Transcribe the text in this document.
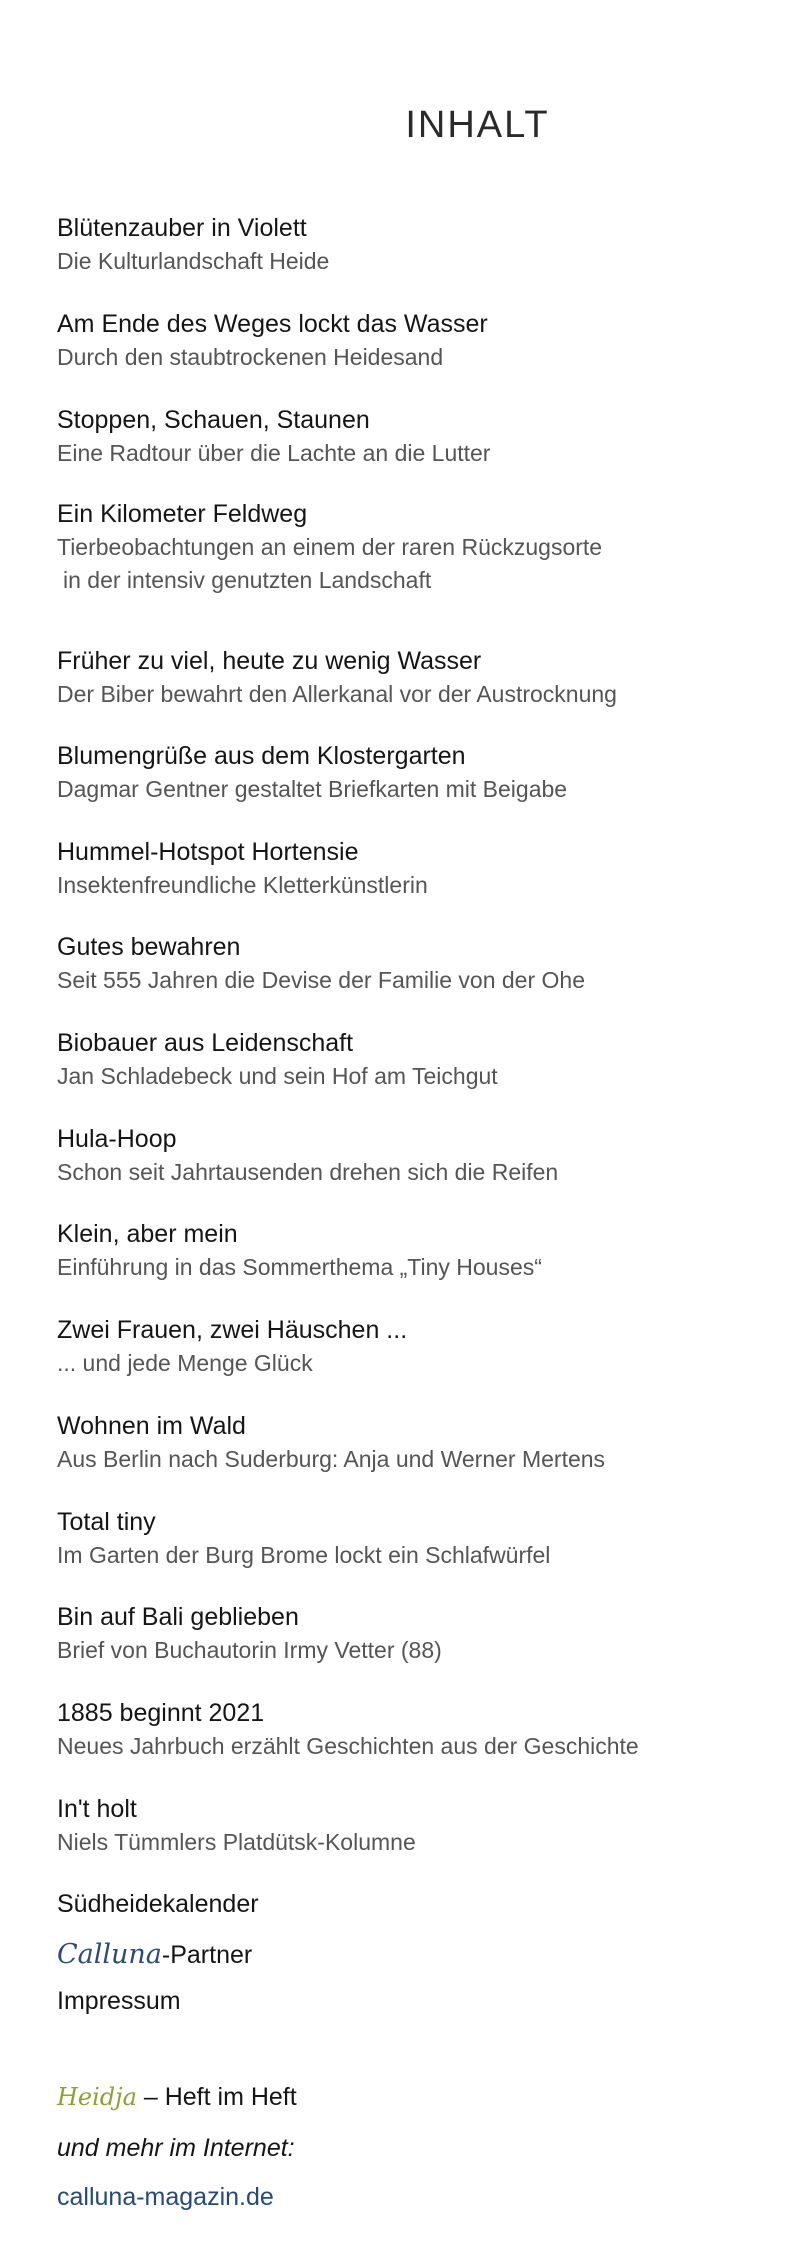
INHALT
Blütenzauber in Violett
Die Kulturlandschaft Heide
Am Ende des Weges lockt das Wasser
Durch den staubtrockenen Heidesand
Stoppen, Schauen, Staunen
Eine Radtour über die Lachte an die Lutter
Ein Kilometer Feldweg
Tierbeobachtungen an einem der raren Rückzugsorte
in der intensiv genutzten Landschaft
Früher zu viel, heute zu wenig Wasser
Der Biber bewahrt den Allerkanal vor der Austrocknung
Blumengrüße aus dem Klostergarten
Dagmar Gentner gestaltet Briefkarten mit Beigabe
Hummel-Hotspot Hortensie
Insektenfreundliche Kletterkünstlerin
Gutes bewahren
Seit 555 Jahren die Devise der Familie von der Ohe
Biobauer aus Leidenschaft
Jan Schladebeck und sein Hof am Teichgut
Hula-Hoop
Schon seit Jahrtausenden drehen sich die Reifen
Klein, aber mein
Einführung in das Sommerthema „Tiny Houses“
Zwei Frauen, zwei Häuschen ...
... und jede Menge Glück
Wohnen im Wald
Aus Berlin nach Suderburg: Anja und Werner Mertens
Total tiny
Im Garten der Burg Brome lockt ein Schlafwürfel
Bin auf Bali geblieben
Brief von Buchautorin Irmy Vetter (88)
1885 beginnt 2021
Neues Jahrbuch erzählt Geschichten aus der Geschichte
In't holt
Niels Tümmlers Platdütsk-Kolumne
Südheidekalender
Calluna-Partner
Impressum
Heidja – Heft im Heft
und mehr im Internet:
calluna-magazin.de
